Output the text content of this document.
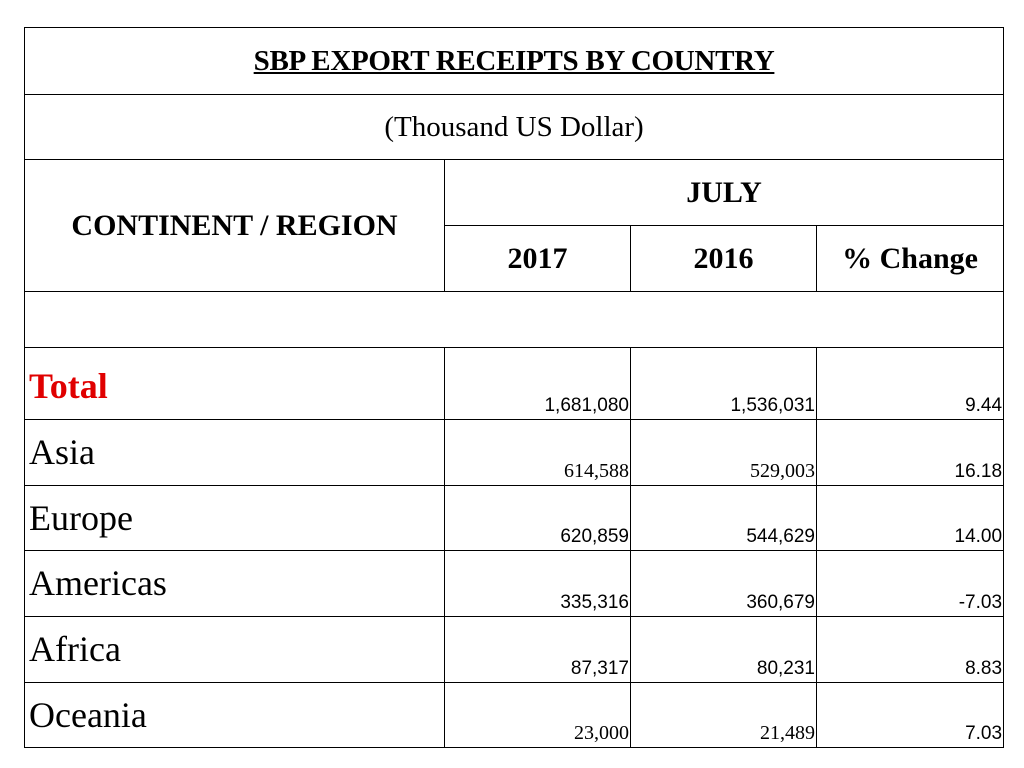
SBP EXPORT RECEIPTS BY COUNTRY			
(Thousand US Dollar)			
CONTINENT / REGION	JULY		
	2017	2016	% Change

Total	1,681,080	1,536,031	9.44
Asia	614,588	529,003	16.18
Europe	620,859	544,629	14.00
Americas	335,316	360,679	-7.03
Africa	87,317	80,231	8.83
Oceania	23,000	21,489	7.03
